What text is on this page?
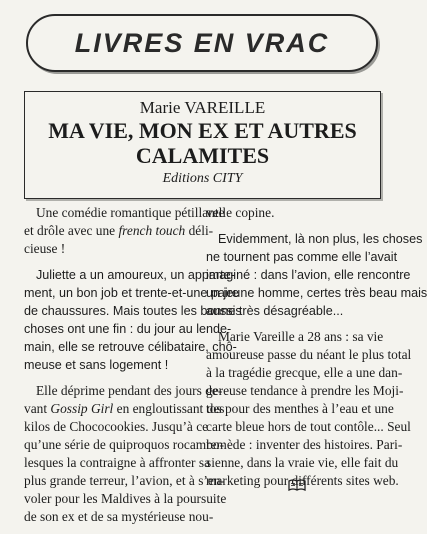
LIVRES EN VRAC
Marie VAREILLE
MA VIE, MON EX ET AUTRES
CALAMITES
Editions CITY
Une comédie romantique pétillante
et drôle avec une french touch déli-
cieuse !
Juliette a un amoureux, un apparte-
ment, un bon job et trente-et-une paire
de chaussures. Mais toutes les bonnes
choses ont une fin : du jour au lende-
main, elle se retrouve célibataire, chô-
meuse et sans logement !
Elle déprime pendant des jours de-
vant Gossip Girl en engloutissant des
kilos de Chococookies. Jusqu’à ce
qu’une série de quiproquos rocambo-
lesques la contraigne à affronter sa
plus grande terreur, l’avion, et à s’en-
voler pour les Maldives à la poursuite
de son ex et de sa mystérieuse nou-
velle copine.
Evidemment, là non plus, les choses
ne tournent pas comme elle l’avait
imaginé : dans l’avion, elle rencontre
un jeune homme, certes très beau mais
aussi très désagréable...
Marie Vareille a 28 ans : sa vie
amoureuse passe du néant le plus total
à la tragédie grecque, elle a une dan-
gereuse tendance à prendre les Moji-
tos pour des menthes à l’eau et une
carte bleue hors de tout contôle... Seul
remède : inventer des histoires. Pari-
sienne, dans la vraie vie, elle fait du
marketing pour différents sites web.
